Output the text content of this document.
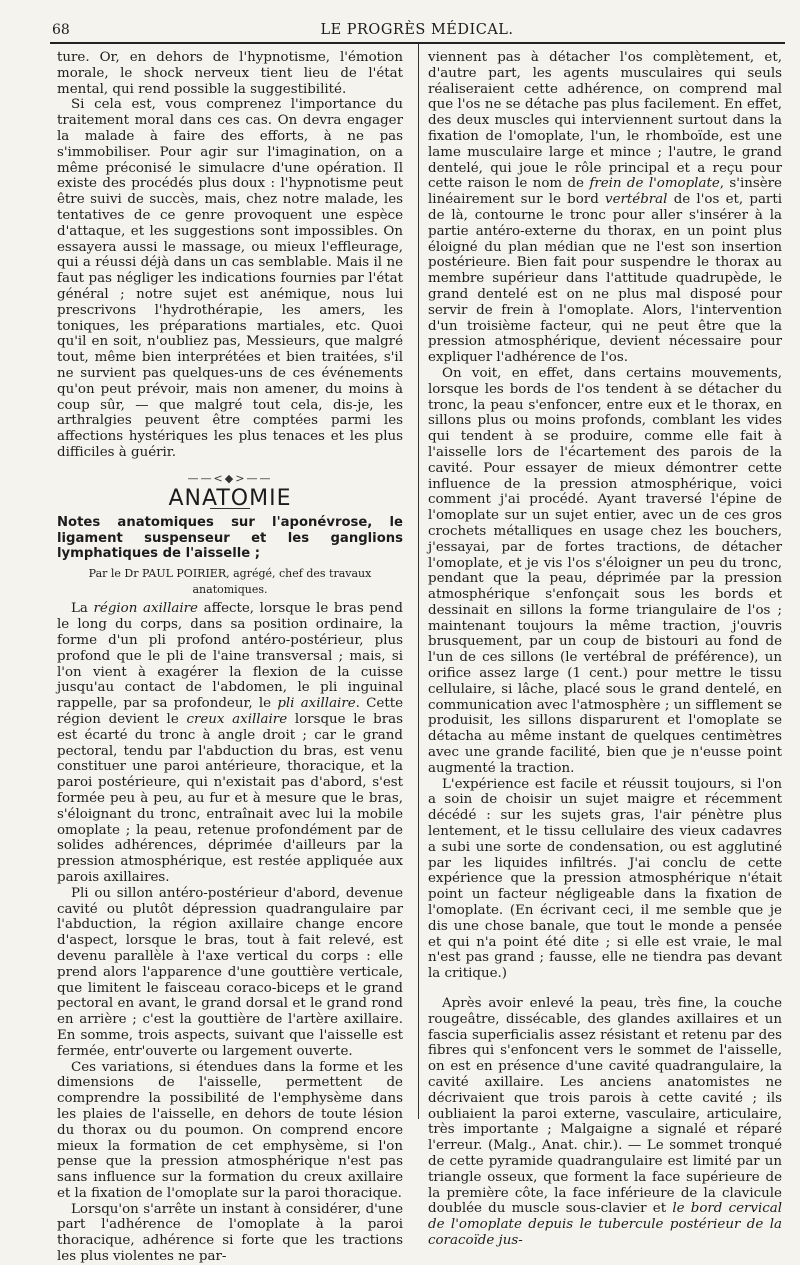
68	LE PROGRÈS MÉDICAL.

ture. Or, en dehors de l'hypnotisme, l'émotion morale, le shock nerveux tient lieu de l'état mental, qui rend possible la suggestibilité.

Si cela est, vous comprenez l'importance du traitement moral dans ces cas. On devra engager la malade à faire des efforts, à ne pas s'immobiliser. Pour agir sur l'imagination, on a même préconisé le simulacre d'une opération. Il existe des procédés plus doux : l'hypnotisme peut être suivi de succès, mais, chez notre malade, les tentatives de ce genre provoquent une espèce d'attaque, et les suggestions sont impossibles. On essayera aussi le massage, ou mieux l'effleurage, qui a réussi déjà dans un cas semblable. Mais il ne faut pas négliger les indications fournies par l'état général ; notre sujet est anémique, nous lui prescrivons l'hydrothérapie, les amers, les toniques, les préparations martiales, etc. Quoi qu'il en soit, n'oubliez pas, Messieurs, que malgré tout, même bien interprétées et bien traitées, s'il ne survient pas quelques-uns de ces événements qu'on peut prévoir, mais non amener, du moins à coup sûr, — que malgré tout cela, dis-je, les arthralgies peuvent être comptées parmi les affections hystériques les plus tenaces et les plus difficiles à guérir.

——<◆>——
ANATOMIE
Notes anatomiques sur l'aponévrose, le ligament suspenseur et les ganglions lymphatiques de l'aisselle ;
Par le Dr PAUL POIRIER, agrégé, chef des travaux anatomiques.

La région axillaire affecte, lorsque le bras pend le long du corps, dans sa position ordinaire, la forme d'un pli profond antéro-postérieur, plus profond que le pli de l'aine transversal ; mais, si l'on vient à exagérer la flexion de la cuisse jusqu'au contact de l'abdomen, le pli inguinal rappelle, par sa profondeur, le pli axillaire. Cette région devient le creux axillaire lorsque le bras est écarté du tronc à angle droit ; car le grand pectoral, tendu par l'abduction du bras, est venu constituer une paroi antérieure, thoracique, et la paroi postérieure, qui n'existait pas d'abord, s'est formée peu à peu, au fur et à mesure que le bras, s'éloignant du tronc, entraînait avec lui la mobile omoplate ; la peau, retenue profondément par de solides adhérences, déprimée d'ailleurs par la pression atmosphérique, est restée appliquée aux parois axillaires.

Pli ou sillon antéro-postérieur d'abord, devenue cavité ou plutôt dépression quadrangulaire par l'abduction, la région axillaire change encore d'aspect, lorsque le bras, tout à fait relevé, est devenu parallèle à l'axe vertical du corps : elle prend alors l'apparence d'une gouttière verticale, que limitent le faisceau coraco-biceps et le grand pectoral en avant, le grand dorsal et le grand rond en arrière ; c'est la gouttière de l'artère axillaire. En somme, trois aspects, suivant que l'aisselle est fermée, entr'ouverte ou largement ouverte.

Ces variations, si étendues dans la forme et les dimensions de l'aisselle, permettent de comprendre la possibilité de l'emphysème dans les plaies de l'aisselle, en dehors de toute lésion du thorax ou du poumon. On comprend encore mieux la formation de cet emphysème, si l'on pense que la pression atmosphérique n'est pas sans influence sur la formation du creux axillaire et la fixation de l'omoplate sur la paroi thoracique.

Lorsqu'on s'arrête un instant à considérer, d'une part l'adhérence de l'omoplate à la paroi thoracique, adhérence si forte que les tractions les plus violentes ne par-

viennent pas à détacher l'os complètement, et, d'autre part, les agents musculaires qui seuls réaliseraient cette adhérence, on comprend mal que l'os ne se détache pas plus facilement. En effet, des deux muscles qui interviennent surtout dans la fixation de l'omoplate, l'un, le rhomboïde, est une lame musculaire large et mince ; l'autre, le grand dentelé, qui joue le rôle principal et a reçu pour cette raison le nom de frein de l'omoplate, s'insère linéairement sur le bord vertébral de l'os et, parti de là, contourne le tronc pour aller s'insérer à la partie antéro-externe du thorax, en un point plus éloigné du plan médian que ne l'est son insertion postérieure. Bien fait pour suspendre le thorax au membre supérieur dans l'attitude quadrupède, le grand dentelé est on ne plus mal disposé pour servir de frein à l'omoplate. Alors, l'intervention d'un troisième facteur, qui ne peut être que la pression atmosphérique, devient nécessaire pour expliquer l'adhérence de l'os.

On voit, en effet, dans certains mouvements, lorsque les bords de l'os tendent à se détacher du tronc, la peau s'enfoncer, entre eux et le thorax, en sillons plus ou moins profonds, comblant les vides qui tendent à se produire, comme elle fait à l'aisselle lors de l'écartement des parois de la cavité. Pour essayer de mieux démontrer cette influence de la pression atmosphérique, voici comment j'ai procédé. Ayant traversé l'épine de l'omoplate sur un sujet entier, avec un de ces gros crochets métalliques en usage chez les bouchers, j'essayai, par de fortes tractions, de détacher l'omoplate, et je vis l'os s'éloigner un peu du tronc, pendant que la peau, déprimée par la pression atmosphérique s'enfonçait sous les bords et dessinait en sillons la forme triangulaire de l'os ; maintenant toujours la même traction, j'ouvris brusquement, par un coup de bistouri au fond de l'un de ces sillons (le vertébral de préférence), un orifice assez large (1 cent.) pour mettre le tissu cellulaire, si lâche, placé sous le grand dentelé, en communication avec l'atmosphère ; un sifflement se produisit, les sillons disparurent et l'omoplate se détacha au même instant de quelques centimètres avec une grande facilité, bien que je n'eusse point augmenté la traction.

L'expérience est facile et réussit toujours, si l'on a soin de choisir un sujet maigre et récemment décédé : sur les sujets gras, l'air pénètre plus lentement, et le tissu cellulaire des vieux cadavres a subi une sorte de condensation, ou est agglutiné par les liquides infiltrés. J'ai conclu de cette expérience que la pression atmosphérique n'était point un facteur négligeable dans la fixation de l'omoplate. (En écrivant ceci, il me semble que je dis une chose banale, que tout le monde a pensée et qui n'a point été dite ; si elle est vraie, le mal n'est pas grand ; fausse, elle ne tiendra pas devant la critique.)

Après avoir enlevé la peau, très fine, la couche rougeâtre, dissécable, des glandes axillaires et un fascia superficialis assez résistant et retenu par des fibres qui s'enfoncent vers le sommet de l'aisselle, on est en présence d'une cavité quadrangulaire, la cavité axillaire. Les anciens anatomistes ne décrivaient que trois parois à cette cavité ; ils oubliaient la paroi externe, vasculaire, articulaire, très importante ; Malgaigne a signalé et réparé l'erreur. (Malg., Anat. chir.). — Le sommet tronqué de cette pyramide quadrangulaire est limité par un triangle osseux, que forment la face supérieure de la première côte, la face inférieure de la clavicule doublée du muscle sous-clavier et le bord cervical de l'omoplate depuis le tubercule postérieur de la coracoïde jus-
